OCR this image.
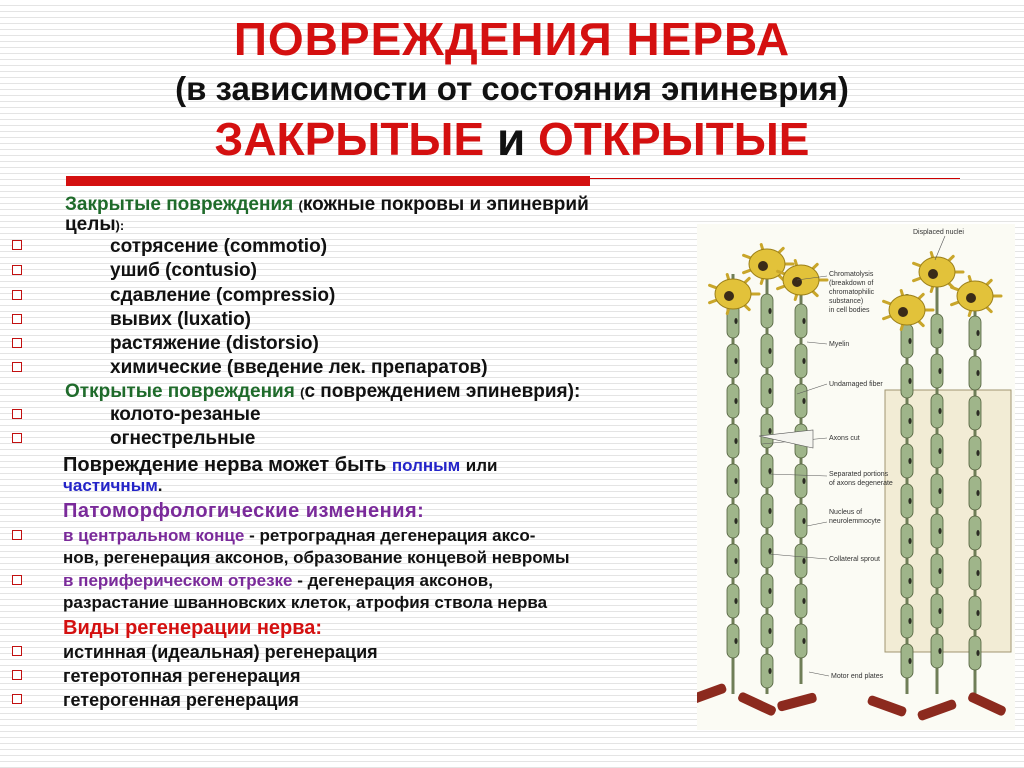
ПОВРЕЖДЕНИЯ НЕРВА
(в зависимости от состояния эпиневрия)
ЗАКРЫТЫЕ и ОТКРЫТЫЕ
Закрытые повреждения (кожные покровы и эпиневрий
целы):
сотрясение (commotio)
ушиб (contusio)
сдавление (compressio)
вывих (luxatio)
растяжение (distorsio)
химические (введение лек. препаратов)
Открытые повреждения (с повреждением эпиневрия):
колото-резаные
огнестрельные
Повреждение нерва может быть полным или
частичным.
Патоморфологические изменения:
в центральном конце - ретроградная дегенерация аксо-
нов, регенерация аксонов, образование концевой невромы
в периферическом отрезке - дегенерация аксонов,
разрастание шванновских клеток, атрофия ствола нерва
Виды регенерации нерва:
истинная (идеальная) регенерация
гетеротопная регенерация
гетерогенная регенерация
Displaced nuclei
Chromatolysis
(breakdown of
chromatophilic
substance)
in cell bodies
Myelin
Undamaged fiber
Axons cut
Separated portions
of axons degenerate
Nucleus of
neurolemmocyte
Collateral sprout
Motor end plates
